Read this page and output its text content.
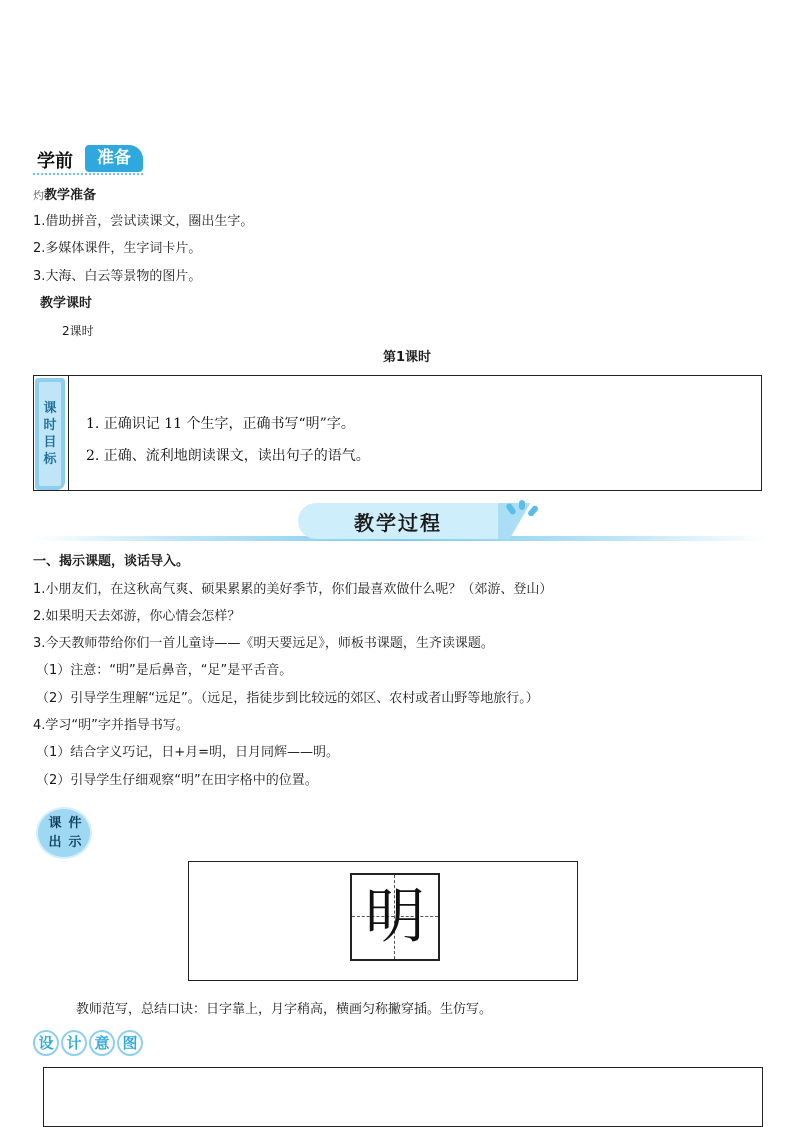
学前	准备
灼教学准备
1.借助拼音，尝试读课文，圈出生字。
2.多媒体课件，生字词卡片。
3.大海、白云等景物的图片。
教学课时
2课时
第1课时
课
时
目
标
1. 正确识记 11 个生字，正确书写“明”字。
2. 正确、流利地朗读课文，读出句子的语气。
教学过程
一、揭示课题，谈话导入。
1.小朋友们，在这秋高气爽、硕果累累的美好季节，你们最喜欢做什么呢？（郊游、登山）
2.如果明天去郊游，你心情会怎样？
3.今天教师带给你们一首儿童诗——《明天要远足》，师板书课题，生齐读课题。
（1）注意：“明”是后鼻音，“足”是平舌音。
（2）引导学生理解“远足”。（远足，指徒步到比较远的郊区、农村或者山野等地旅行。）
4.学习“明”字并指导书写。
（1）结合字义巧记，日+月=明，日月同辉——明。
（2）引导学生仔细观察“明”在田字格中的位置。
课 件
出 示
明
教师范写，总结口诀：日字靠上，月字稍高，横画匀称撇穿插。生仿写。
设 计 意 图
